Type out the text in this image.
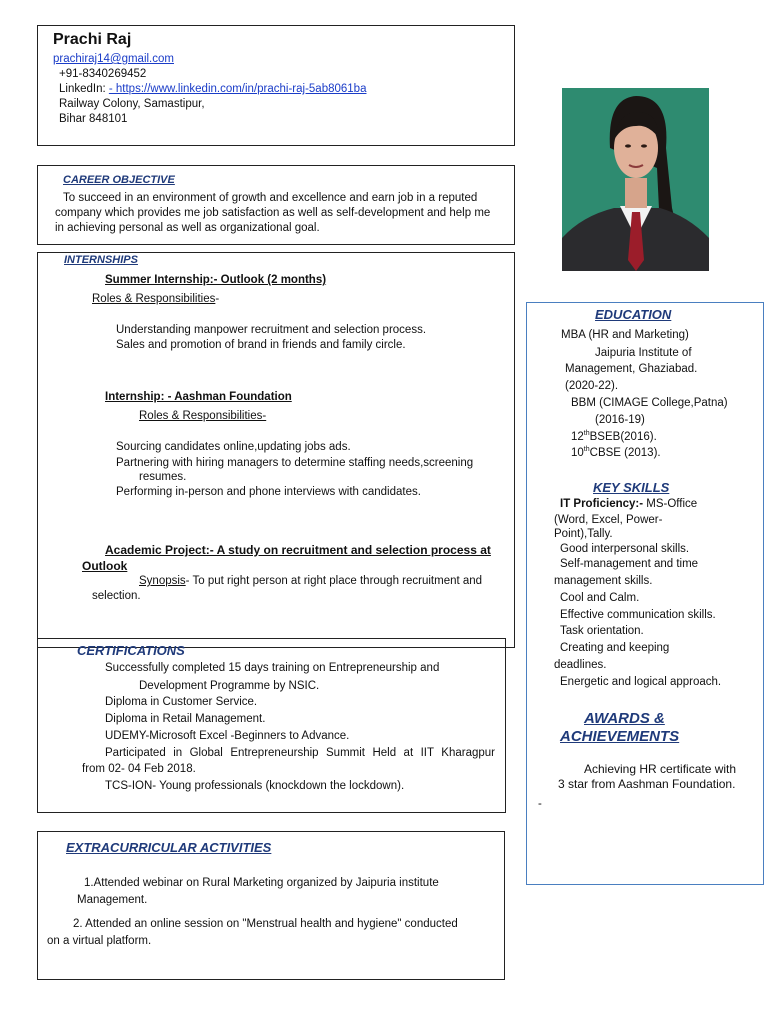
Prachi Raj
prachiraj14@gmail.com
+91-8340269452
LinkedIn: - https://www.linkedin.com/in/prachi-raj-5ab8061ba
Railway Colony, Samastipur,
Bihar 848101
CAREER OBJECTIVE
To succeed in an environment of growth and excellence and earn job in a reputed
company which provides me job satisfaction as well as self-development and help me
in achieving personal as well as organizational goal.
INTERNSHIPS
Summer Internship:- Outlook (2 months)
Roles & Responsibilities-
Understanding manpower recruitment and selection process.
Sales and promotion of brand in friends and family circle.
Internship: - Aashman Foundation
Roles & Responsibilities-
Sourcing candidates online,updating jobs ads.
Partnering with hiring managers to determine staffing needs,screening
resumes.
Performing in-person and phone interviews with candidates.
Academic Project:- A study on recruitment and selection process at
Outlook
Synopsis- To put right person at right place through recruitment and
selection.
CERTIFICATIONS
Successfully completed 15 days training on Entrepreneurship and
Development Programme by NSIC.
Diploma in Customer Service.
Diploma in Retail Management.
UDEMY-Microsoft Excel -Beginners to Advance.
Participated in Global Entrepreneurship Summit Held at IIT Kharagpur
from 02- 04 Feb 2018.
TCS-ION- Young professionals (knockdown the lockdown).
EXTRACURRICULAR ACTIVITIES
1.Attended webinar on Rural Marketing organized by Jaipuria institute
Management.
2. Attended an online session on "Menstrual health and hygiene" conducted
on a virtual platform.
EDUCATION
MBA (HR and Marketing)
Jaipuria Institute of
Management, Ghaziabad.
(2020-22).
BBM (CIMAGE College,Patna)
(2016-19)
12thBSEB(2016).
10thCBSE (2013).
KEY SKILLS
IT Proficiency:- MS-Office
(Word, Excel, Power-
Point),Tally.
Good interpersonal skills.
Self-management and time
management skills.
Cool and Calm.
Effective communication skills.
Task orientation.
Creating and keeping
deadlines.
Energetic and logical approach.
AWARDS &
ACHIEVEMENTS
Achieving HR certificate with
3 star from Aashman Foundation.
-
